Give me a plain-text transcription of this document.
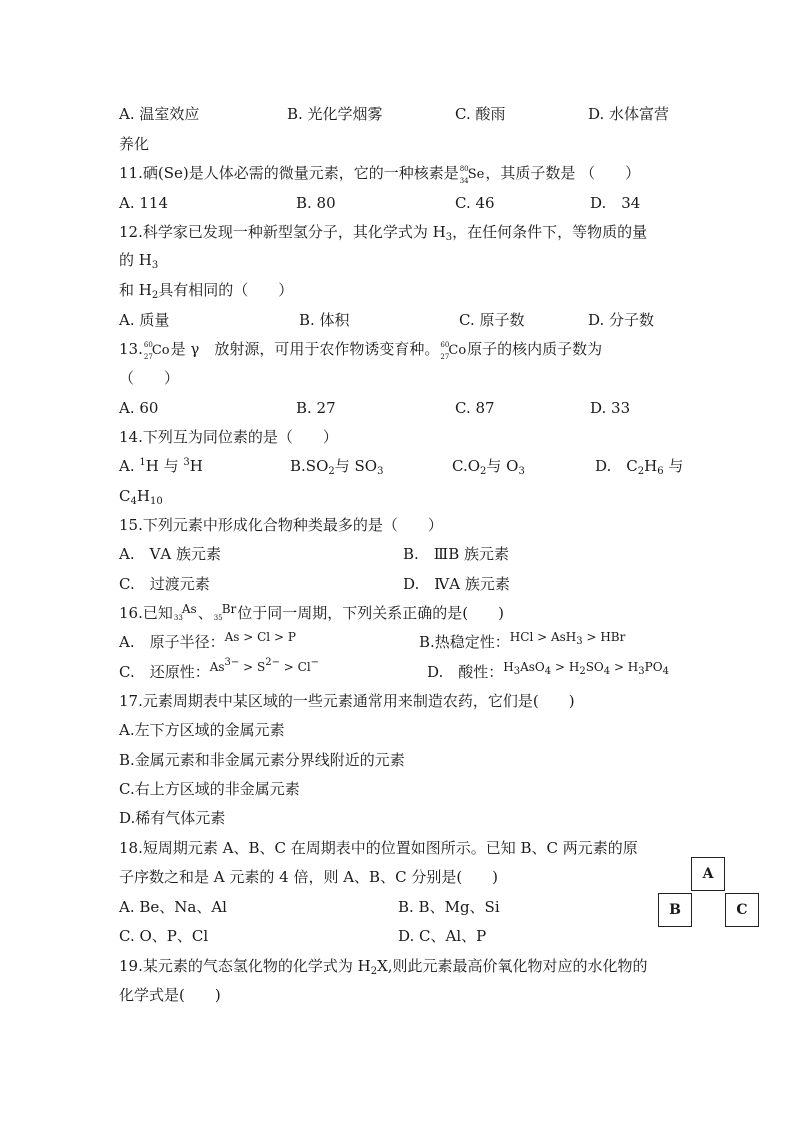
A. 温室效应	B. 光化学烟雾	C. 酸雨	D. 水体富营
养化
11.硒(Se)是人体必需的微量元素，它的一种核素是 80
34 Se，其质子数是 （　　）
A. 114	B. 80	C. 46	D.　34
12.科学家已发现一种新型氢分子，其化学式为 $H_3$，在任何条件下，等物质的量
的 $H_3$
和 $H_2$具有相同的（　　）
A. 质量	B. 体积	C. 原子数	D. 分子数
13. 60
27 Co是 γ　放射源，可用于农作物诱变育种。 60
27 Co原子的核内质子数为
（　　）
A. 60	B. 27	C. 87	D. 33
14.下列互为同位素的是（　　）
A. $^1$H 与 $^3$H	$B.SO_2$与 $SO_3$	$C.O_2$与 $O_3$	D.　$C_2H_6$ 与
$C_4H_{10}$
15.下列元素中形成化合物种类最多的是（　　）
A.　ⅤA 族元素	B.　ⅢB 族元素
C.　过渡元素	D.　ⅣA 族元素
16.已知 33
As、 35
Br位于同一周期，下列关系正确的是(　　)
A.　原子半径：$^{As > Cl > P}$	B.热稳定性：$^{HCl > AsH_3 > HBr}$
C.　还原性：$^{As^{3-} > S^{2-} > Cl^-}$
D.　酸性：$^{H_3AsO_4 > H_2SO_4 > H_3PO_4}$
17.元素周期表中某区域的一些元素通常用来制造农药，它们是(　　)
A.左下方区域的金属元素
B.金属元素和非金属元素分界线附近的元素
C.右上方区域的非金属元素
D.稀有气体元素
18.短周期元素 A、B、C 在周期表中的位置如图所示。已知 B、C 两元素的原
子序数之和是 A 元素的 4 倍，则 A、B、C 分别是(　　)
A. Be、Na、Al	B. B、Mg、Si
C. O、P、Cl	D. C、Al、P
A
B	C
19.某元素的气态氢化物的化学式为 $H_2X$,则此元素最高价氧化物对应的水化物的
化学式是(　　)
